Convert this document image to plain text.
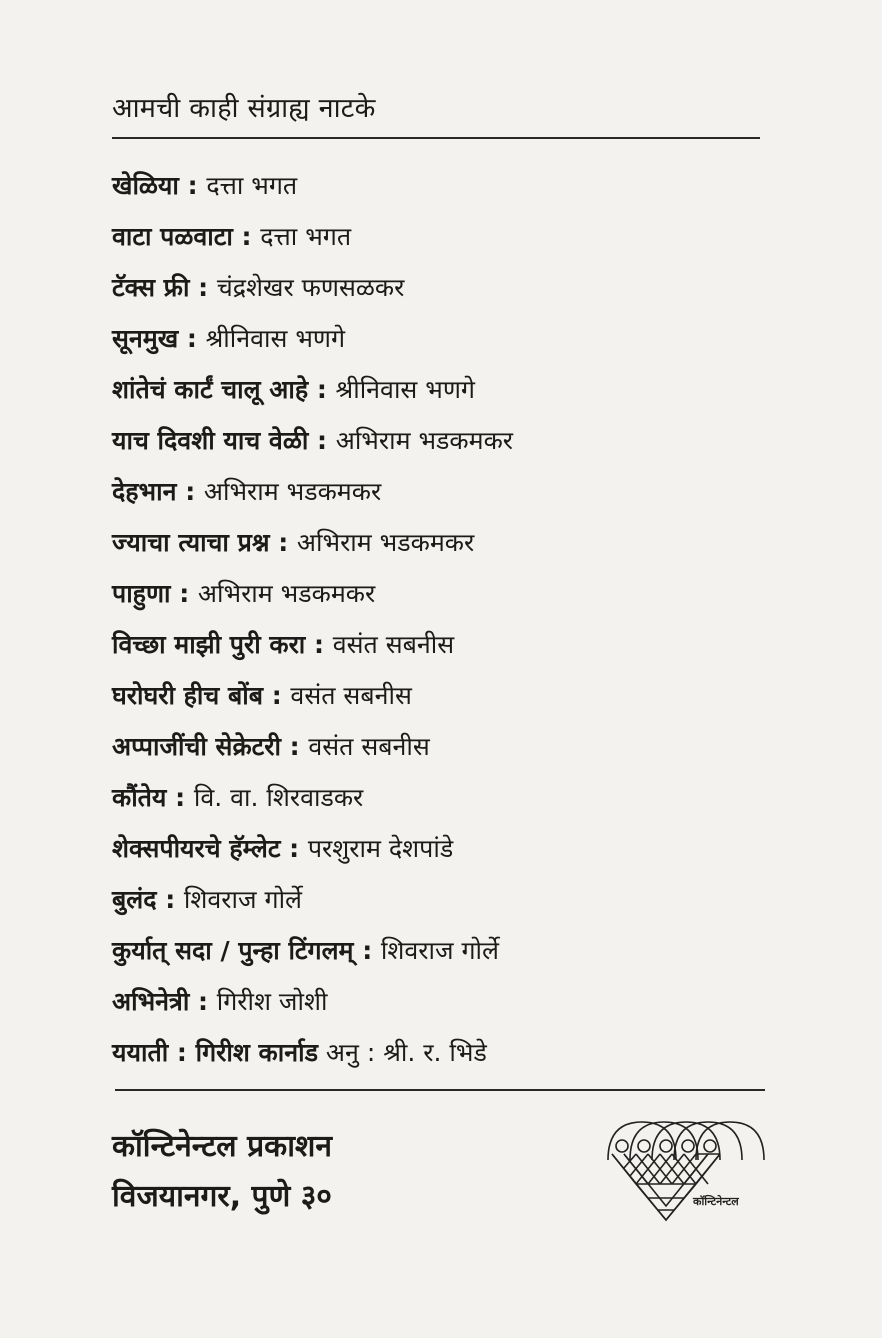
आमची काही संग्राह्य नाटके
खेळिया : दत्ता भगत
वाटा पळवाटा : दत्ता भगत
टॅक्स फ्री : चंद्रशेखर फणसळकर
सूनमुख : श्रीनिवास भणगे
शांतेचं कार्टं चालू आहे : श्रीनिवास भणगे
याच दिवशी याच वेळी : अभिराम भडकमकर
देहभान : अभिराम भडकमकर
ज्याचा त्याचा प्रश्न : अभिराम भडकमकर
पाहुणा : अभिराम भडकमकर
विच्छा माझी पुरी करा : वसंत सबनीस
घरोघरी हीच बोंब : वसंत सबनीस
अप्पाजींची सेक्रेटरी : वसंत सबनीस
कौंतेय : वि. वा. शिरवाडकर
शेक्सपीयरचे हॅम्लेट : परशुराम देशपांडे
बुलंद : शिवराज गोर्ले
कुर्यात् सदा / पुन्हा टिंगलम् : शिवराज गोर्ले
अभिनेत्री : गिरीश जोशी
ययाती : गिरीश कार्नाड अनु : श्री. र. भिडे
कॉन्टिनेन्टल प्रकाशन
विजयानगर, पुणे ३०	कॉन्टिनेन्टल
